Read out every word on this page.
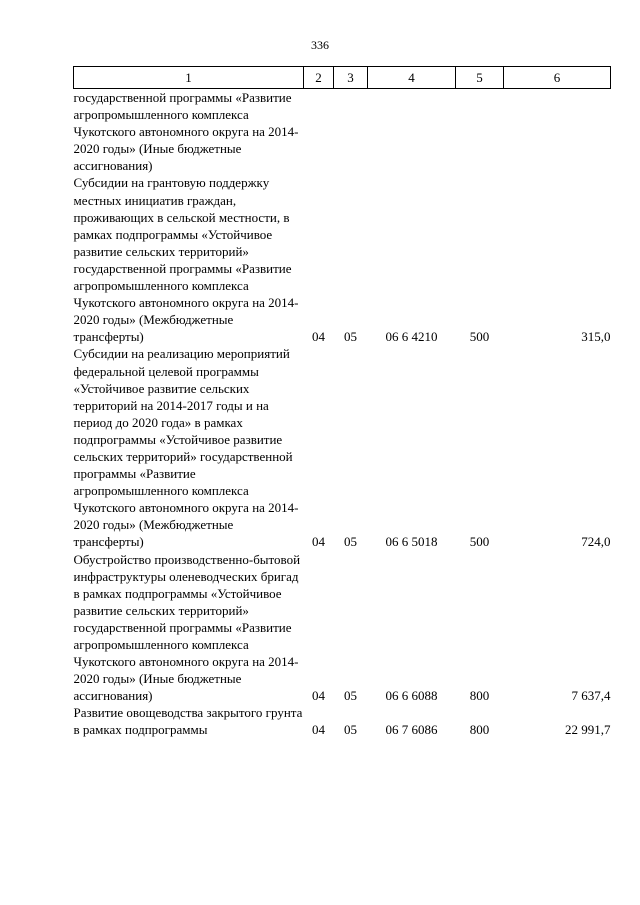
336
1	2	3	4	5	6
государственной программы «Развитие агропромышленного комплекса Чукотского автономного округа на 2014-2020 годы» (Иные бюджетные ассигнования)					
Субсидии на грантовую поддержку местных инициатив граждан, проживающих в сельской местности, в рамках подпрограммы «Устойчивое развитие сельских территорий» государственной программы «Развитие агропромышленного комплекса Чукотского автономного округа на 2014-2020 годы» (Межбюджетные трансферты)	04	05	06 6 4210	500	315,0
Субсидии на реализацию мероприятий федеральной целевой программы «Устойчивое развитие сельских территорий на 2014-2017 годы и на период до 2020 года» в рамках подпрограммы «Устойчивое развитие сельских территорий» государственной программы «Развитие агропромышленного комплекса Чукотского автономного округа на 2014-2020 годы» (Межбюджетные трансферты)	04	05	06 6 5018	500	724,0
Обустройство производственно-бытовой инфраструктуры оленеводческих бригад в рамках подпрограммы «Устойчивое развитие сельских территорий» государственной программы «Развитие агропромышленного комплекса Чукотского автономного округа на 2014-2020 годы» (Иные бюджетные ассигнования)	04	05	06 6 6088	800	7 637,4
Развитие овощеводства закрытого грунта в рамках подпрограммы	04	05	06 7 6086	800	22 991,7
